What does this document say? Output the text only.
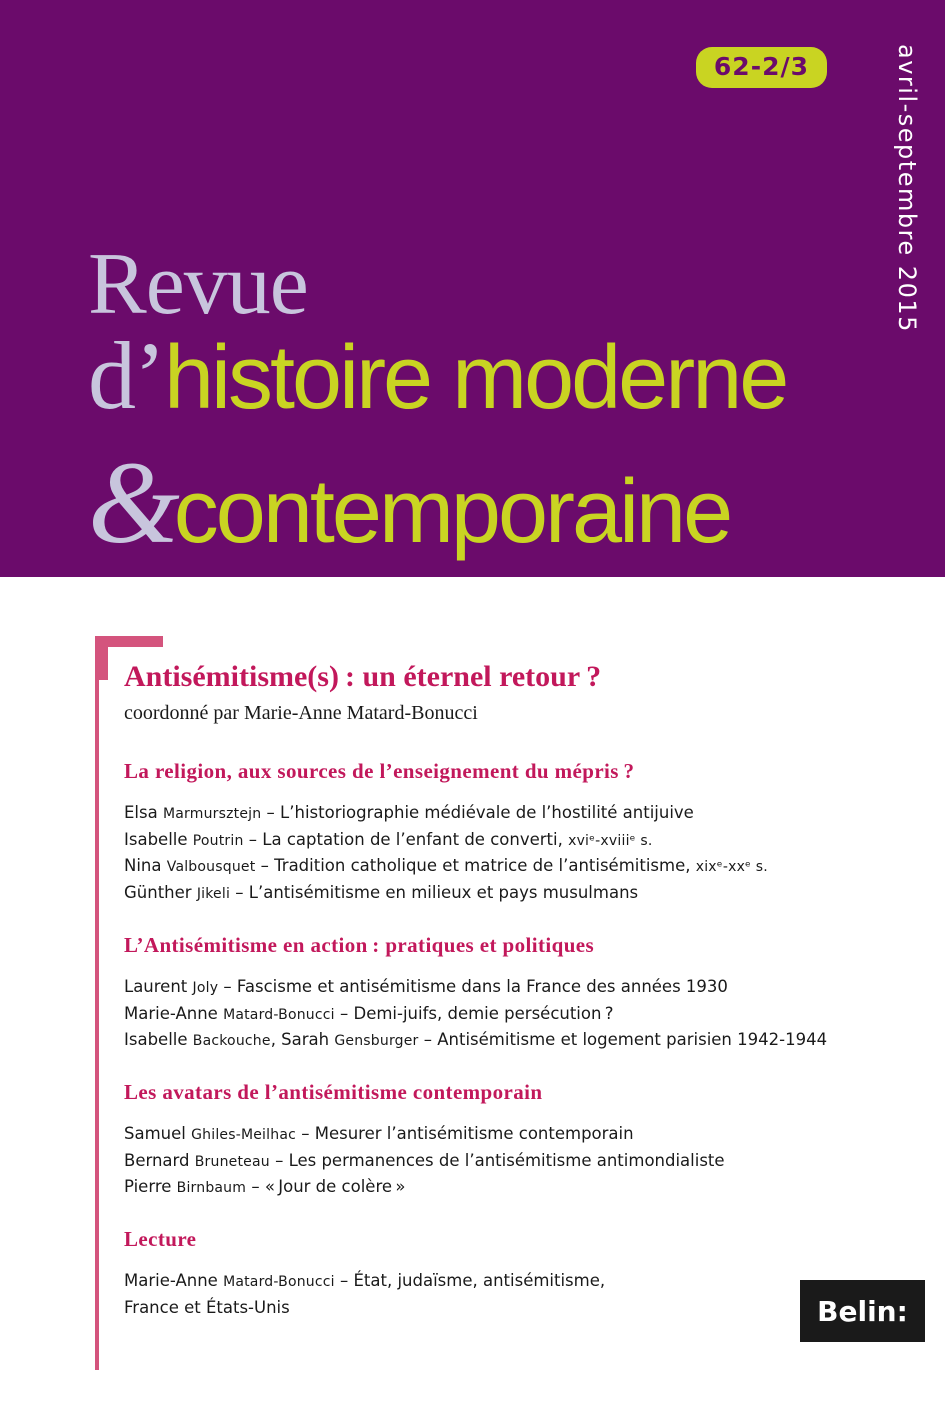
62-2/3	avril-septembre 2015
Revue
d’histoire moderne
&contemporaine
Antisémitisme(s) : un éternel retour ?

coordonné par Marie-Anne Matard-Bonucci

La religion, aux sources de l’enseignement du mépris ?

Elsa Marmursztejn – L’historiographie médiévale de l’hostilité antijuive

Isabelle Poutrin – La captation de l’enfant de converti, xviᵉ-xviiiᵉ s.

Nina Valbousquet – Tradition catholique et matrice de l’antisémitisme, xixᵉ-xxᵉ s.

Günther Jikeli – L’antisémitisme en milieux et pays musulmans

L’Antisémitisme en action : pratiques et politiques

Laurent Joly – Fascisme et antisémitisme dans la France des années 1930

Marie-Anne Matard-Bonucci – Demi-juifs, demie persécution ?

Isabelle Backouche, Sarah Gensburger – Antisémitisme et logement parisien 1942-1944

Les avatars de l’antisémitisme contemporain

Samuel Ghiles-Meilhac – Mesurer l’antisémitisme contemporain

Bernard Bruneteau – Les permanences de l’antisémitisme antimondialiste

Pierre Birnbaum – « Jour de colère »

Lecture

Marie-Anne Matard-Bonucci – État, judaïsme, antisémitisme,

France et États-Unis	Belin:
